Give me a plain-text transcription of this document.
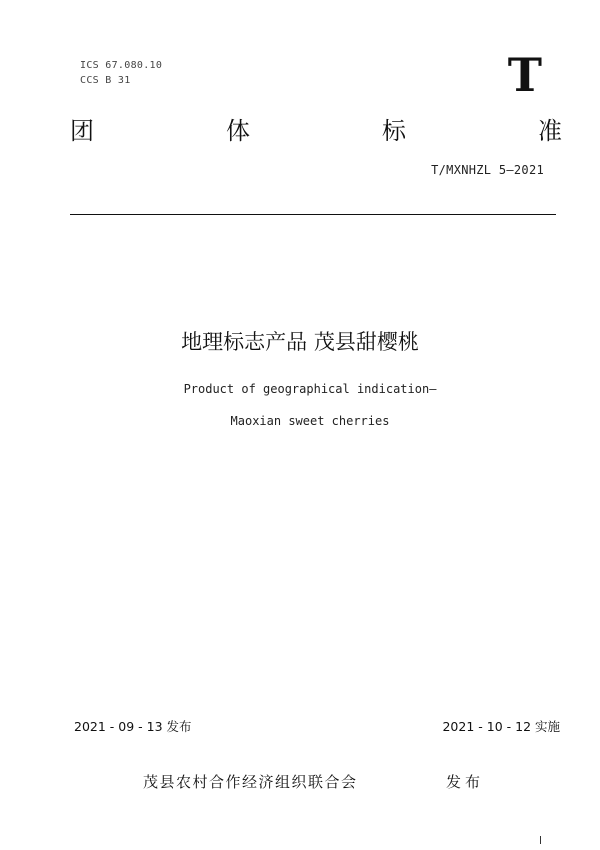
ICS 67.080.10
CCS B 31	T
团	体	标	准
T/MXNHZL 5—2021
地理标志产品 茂县甜樱桃
Product of geographical indication—
Maoxian sweet cherries
2021 - 09 - 13 发布	2021 - 10 - 12 实施
茂县农村合作经济组织联合会	发布
